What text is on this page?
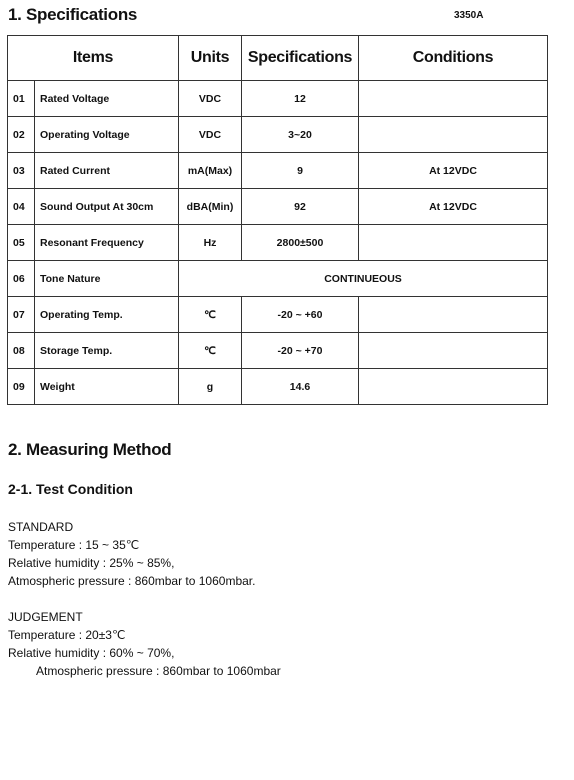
1. Specifications	3350A
Items		Units	Specifications	Conditions
01	Rated Voltage	VDC	12	
02	Operating Voltage	VDC	3~20	
03	Rated Current	mA(Max)	9	At 12VDC
04	Sound Output At 30cm	dBA(Min)	92	At 12VDC
05	Resonant Frequency	Hz	2800±500	
06	Tone Nature	CONTINUEOUS		
07	Operating Temp.	℃	-20 ~ +60	
08	Storage Temp.	℃	-20 ~ +70	
09	Weight	g	14.6	
2. Measuring Method
2-1. Test Condition

STANDARD

Temperature : 15 ~ 35℃

Relative humidity : 25% ~ 85%,

Atmospheric pressure : 860mbar to 1060mbar.

JUDGEMENT

Temperature : 20±3℃

Relative humidity : 60% ~ 70%,

Atmospheric pressure : 860mbar to 1060mbar
